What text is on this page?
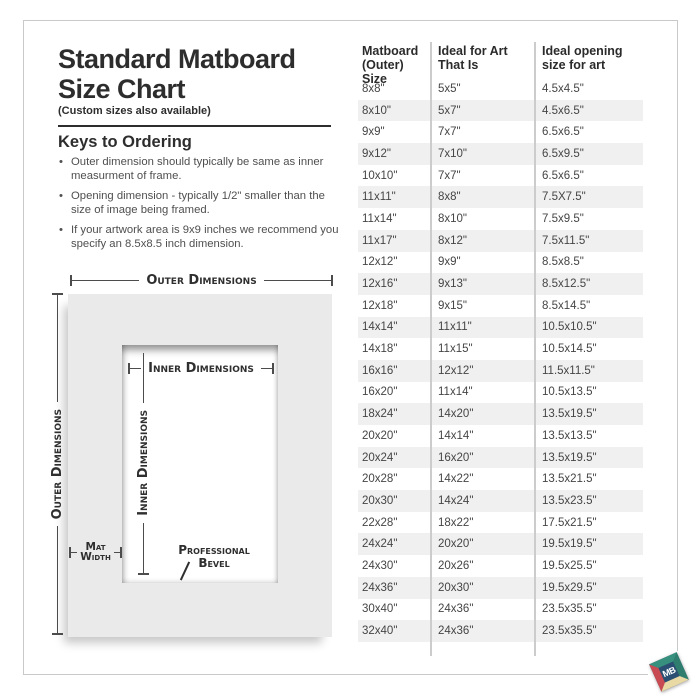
Standard Matboard
Size Chart
(Custom sizes also available)
Keys to Ordering
• Outer dimension should typically be same as inner measurment of frame.
• Opening dimension - typically 1/2" smaller than the size of image being framed.
• If your artwork area is 9x9 inches we recommend you specify an 8.5x8.5 inch dimension.
Outer Dimensions
Outer Dimensions
Inner Dimensions
Inner Dimensions
Mat
Width	Professional
Bevel
Matboard
(Outer) Size
Ideal for Art
That Is
Ideal opening
size for art
8x8"	5x5"	4.5x4.5"
8x10"	5x7"	4.5x6.5"
9x9"	7x7"	6.5x6.5"
9x12"	7x10"	6.5x9.5"
10x10"	7x7"	6.5x6.5"
11x11"	8x8"	7.5X7.5"
11x14"	8x10"	7.5x9.5"
11x17"	8x12"	7.5x11.5"
12x12"	9x9"	8.5x8.5"
12x16"	9x13"	8.5x12.5"
12x18"	9x15"	8.5x14.5"
14x14"	11x11"	10.5x10.5"
14x18"	11x15"	10.5x14.5"
16x16"	12x12"	11.5x11.5"
16x20"	11x14"	10.5x13.5"
18x24"	14x20"	13.5x19.5"
20x20"	14x14"	13.5x13.5"
20x24"	16x20"	13.5x19.5"
20x28"	14x22"	13.5x21.5"
20x30"	14x24"	13.5x23.5"
22x28"	18x22"	17.5x21.5"
24x24"	20x20"	19.5x19.5"
24x30"	20x26"	19.5x25.5"
24x36"	20x30"	19.5x29.5"
30x40"	24x36"	23.5x35.5"
32x40"	24x36"	23.5x35.5"
MB
